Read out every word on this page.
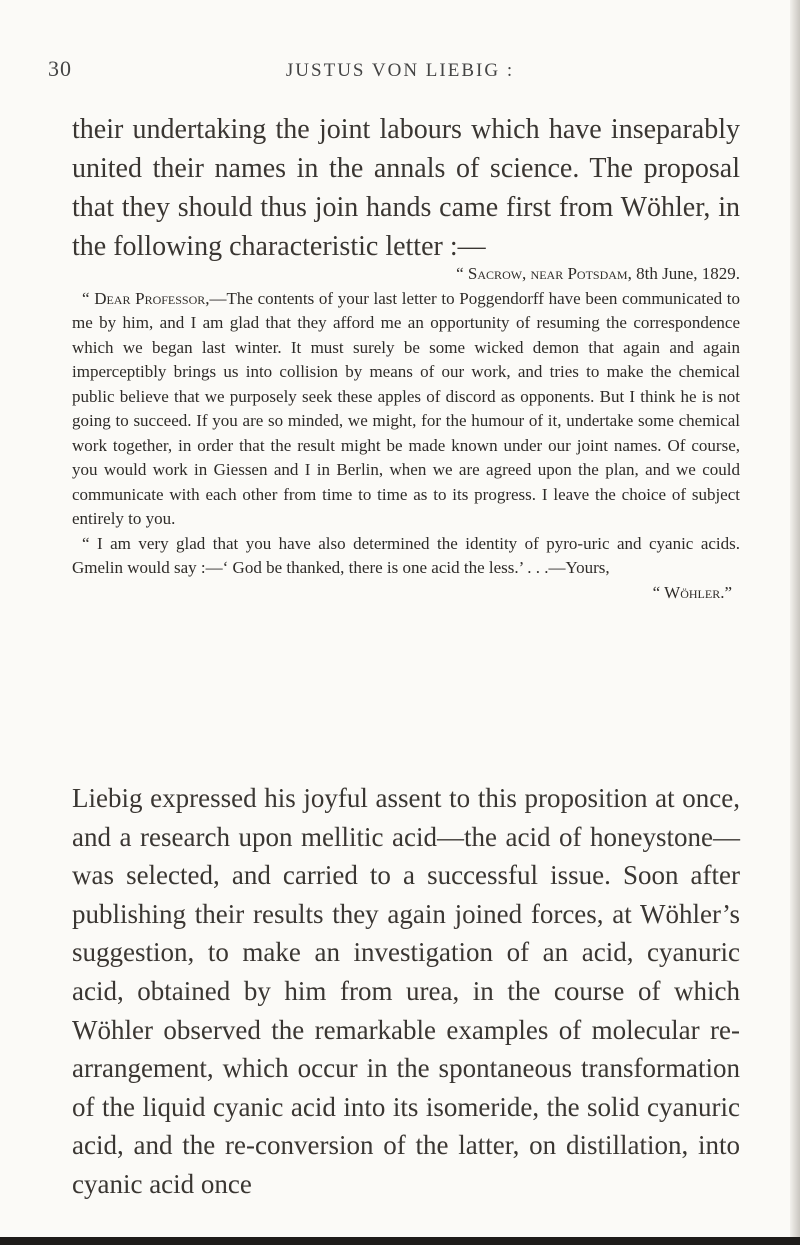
30	JUSTUS VON LIEBIG :
their undertaking the joint labours which have inseparably united their names in the annals of science. The proposal that they should thus join hands came first from Wöhler, in the following characteristic letter :—
“ Sacrow, near Potsdam, 8th June, 1829.

“ Dear Professor,—The contents of your last letter to Poggendorff have been communicated to me by him, and I am glad that they afford me an opportunity of resuming the correspondence which we began last winter. It must surely be some wicked demon that again and again imperceptibly brings us into collision by means of our work, and tries to make the chemical public believe that we purposely seek these apples of discord as opponents. But I think he is not going to succeed. If you are so minded, we might, for the humour of it, undertake some chemical work together, in order that the result might be made known under our joint names. Of course, you would work in Giessen and I in Berlin, when we are agreed upon the plan, and we could communicate with each other from time to time as to its progress. I leave the choice of subject entirely to you.

“ I am very glad that you have also determined the identity of pyro-uric and cyanic acids. Gmelin would say :—‘ God be thanked, there is one acid the less.’ . . .—Yours,

“ Wöhler.”

Liebig expressed his joyful assent to this proposition at once, and a research upon mellitic acid—the acid of honeystone—was selected, and carried to a successful issue. Soon after publishing their results they again joined forces, at Wöhler’s suggestion, to make an investigation of an acid, cyanuric acid, obtained by him from urea, in the course of which Wöhler observed the remarkable examples of molecular re-arrangement, which occur in the spontaneous transformation of the liquid cyanic acid into its isomeride, the solid cyanuric acid, and the re-conversion of the latter, on distillation, into cyanic acid once
